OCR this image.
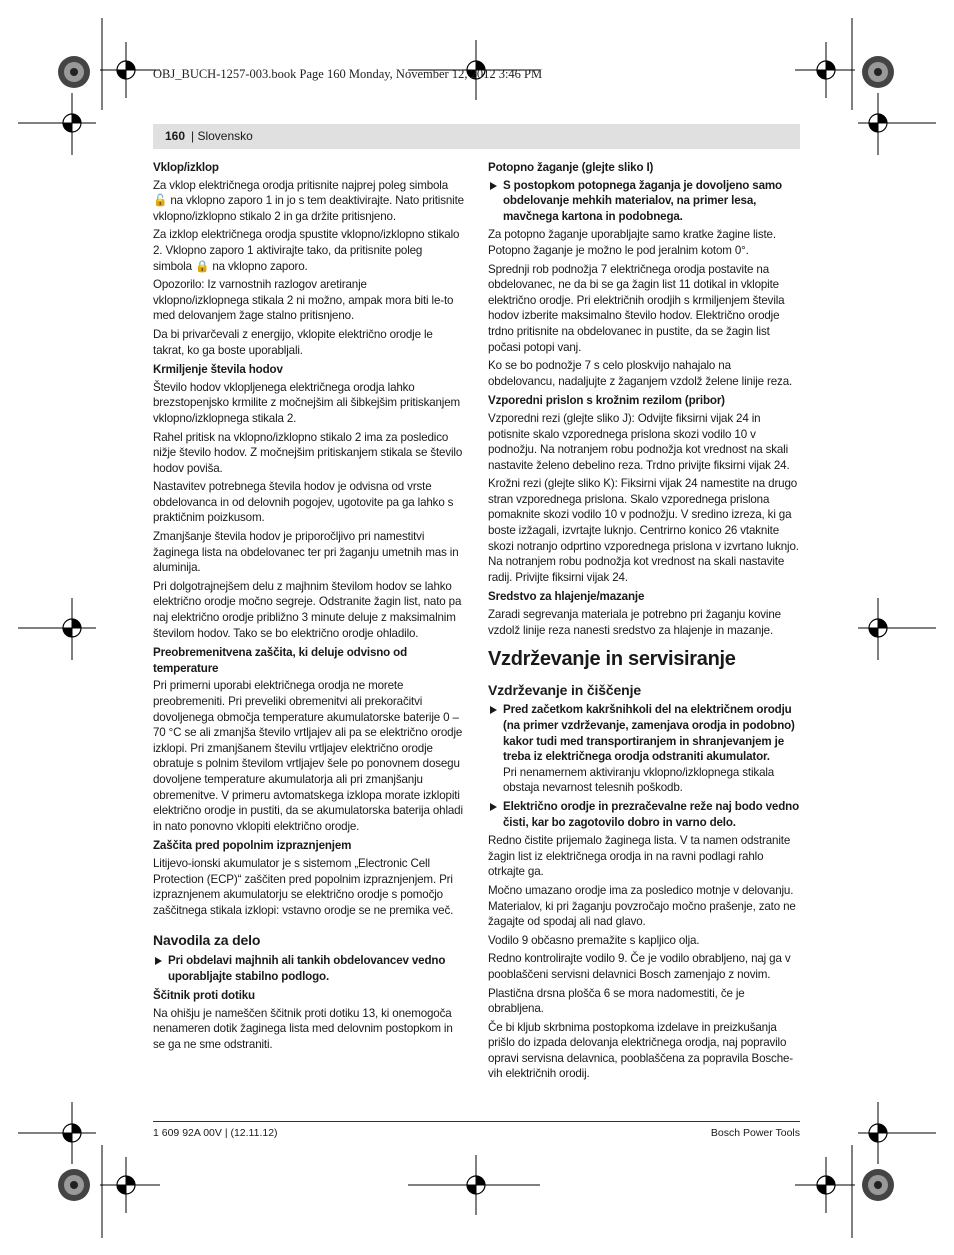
OBJ_BUCH-1257-003.book Page 160 Monday, November 12, 2012 3:46 PM
160 | Slovensko
Vklop/izklop

Za vklop električnega orodja pritisnite najprej poleg simbola 🔓 na vklopno zaporo 1 in jo s tem deaktivirajte. Nato pritisnite vklopno/izklopno stikalo 2 in ga držite pritisnjeno.

Za izklop električnega orodja spustite vklopno/izklopno stikalo 2. Vklopno zaporo 1 aktivirajte tako, da pritisnite poleg simbola 🔒 na vklopno zaporo.

Opozorilo: Iz varnostnih razlogov aretiranje vklopno/izklopnega stikala 2 ni možno, ampak mora biti le-to med delovanjem žage stalno pritisnjeno.

Da bi privarčevali z energijo, vklopite električno orodje le takrat, ko ga boste uporabljali.

Krmiljenje števila hodov

Število hodov vklopljenega električnega orodja lahko brezstopenjsko krmilite z močnejšim ali šibkejšim pritiskanjem vklopno/izklopnega stikala 2.

Rahel pritisk na vklopno/izklopno stikalo 2 ima za posledico nižje število hodov. Z močnejšim pritiskanjem stikala se število hodov poviša.

Nastavitev potrebnega števila hodov je odvisna od vrste obdelovanca in od delovnih pogojev, ugotovite pa ga lahko s praktičnim poizkusom.

Zmanjšanje števila hodov je priporočljivo pri namestitvi žaginega lista na obdelovanec ter pri žaganju umetnih mas in aluminija.

Pri dolgotrajnejšem delu z majhnim številom hodov se lahko električno orodje močno segreje. Odstranite žagin list, nato pa naj električno orodje približno 3 minute deluje z maksimalnim številom hodov. Tako se bo električno orodje ohladilo.

Preobremenitvena zaščita, ki deluje odvisno od temperature

Pri primerni uporabi električnega orodja ne morete preobremeniti. Pri preveliki obremenitvi ali prekoračitvi dovoljenega območja temperature akumulatorske baterije 0 – 70 °C se ali zmanjša število vrtljajev ali pa se električno orodje izklopi. Pri zmanjšanem številu vrtljajev električno orodje obratuje s polnim številom vrtljajev šele po ponovnem dosegu dovoljene temperature akumulatorja ali pri zmanjšanju obremenitve. V primeru avtomatskega izklopa morate izklopiti električno orodje in pustiti, da se akumulatorska baterija ohladi in nato ponovno vklopiti električno orodje.

Zaščita pred popolnim izpraznjenjem

Litijevo-ionski akumulator je s sistemom „Electronic Cell Protection (ECP)“ zaščiten pred popolnim izpraznjenjem. Pri izpraznjenem akumulatorju se električno orodje s pomočjo zaščitnega stikala izklopi: vstavno orodje se ne premika več.

Navodila za delo
Pri obdelavi majhnih ali tankih obdelovancev vedno uporabljajte stabilno podlogo.
Ščitnik proti dotiku

Na ohišju je nameščen ščitnik proti dotiku 13, ki onemogoča nenameren dotik žaginega lista med delovnim postopkom in se ga ne sme odstraniti.

Potopno žaganje (glejte sliko I)
S postopkom potopnega žaganja je dovoljeno samo obdelovanje mehkih materialov, na primer lesa, mavčnega kartona in podobnega.

Za potopno žaganje uporabljajte samo kratke žagine liste. Potopno žaganje je možno le pod jeralnim kotom 0°.

Sprednji rob podnožja 7 električnega orodja postavite na obdelovanec, ne da bi se ga žagin list 11 dotikal in vklopite električno orodje. Pri električnih orodjih s krmiljenjem števila hodov izberite maksimalno število hodov. Električno orodje trdno pritisnite na obdelovanec in pustite, da se žagin list počasi potopi vanj.

Ko se bo podnožje 7 s celo ploskvijo nahajalo na obdelovancu, nadaljujte z žaganjem vzdolž želene linije reza.

Vzporedni prislon s krožnim rezilom (pribor)

Vzporedni rezi (glejte sliko J): Odvijte fiksirni vijak 24 in potisnite skalo vzporednega prislona skozi vodilo 10 v podnožju. Na notranjem robu podnožja kot vrednost na skali nastavite želeno debelino reza. Trdno privijte fiksirni vijak 24.

Krožni rezi (glejte sliko K): Fiksirni vijak 24 namestite na drugo stran vzporednega prislona. Skalo vzporednega prislona pomaknite skozi vodilo 10 v podnožju. V sredino izreza, ki ga boste izžagali, izvrtajte luknjo. Centrirno konico 26 vtaknite skozi notranjo odprtino vzporednega prislona v izvrtano luknjo. Na notranjem robu podnožja kot vrednost na skali nastavite radij. Privijte fiksirni vijak 24.

Sredstvo za hlajenje/mazanje

Zaradi segrevanja materiala je potrebno pri žaganju kovine vzdolž linije reza nanesti sredstvo za hlajenje in mazanje.

Vzdrževanje in servisiranje
Vzdrževanje in čiščenje
Pred začetkom kakršnihkoli del na električnem orodju (na primer vzdrževanje, zamenjava orodja in podobno) kakor tudi med transportiranjem in shranjevanjem je treba iz električnega orodja odstraniti akumulator.
Pri nenamernem aktiviranju vklopno/izklopnega stikala obstaja nevarnost telesnih poškodb.
Električno orodje in prezračevalne reže naj bodo vedno čisti, kar bo zagotovilo dobro in varno delo.

Redno čistite prijemalo žaginega lista. V ta namen odstranite žagin list iz električnega orodja in na ravni podlagi rahlo otrkajte ga.

Močno umazano orodje ima za posledico motnje v delovanju. Materialov, ki pri žaganju povzročajo močno prašenje, zato ne žagajte od spodaj ali nad glavo.

Vodilo 9 občasno premažite s kapljico olja.

Redno kontrolirajte vodilo 9. Če je vodilo obrabljeno, naj ga v pooblaščeni servisni delavnici Bosch zamenjajo z novim.

Plastična drsna plošča 6 se mora nadomestiti, če je obrabljena.

Če bi kljub skrbnima postopkoma izdelave in preizkušanja prišlo do izpada delovanja električnega orodja, naj popravilo opravi servisna delavnica, pooblaščena za popravila Bosche-vih električnih orodij.

1 609 92A 00V | (12.11.12)	Bosch Power Tools
